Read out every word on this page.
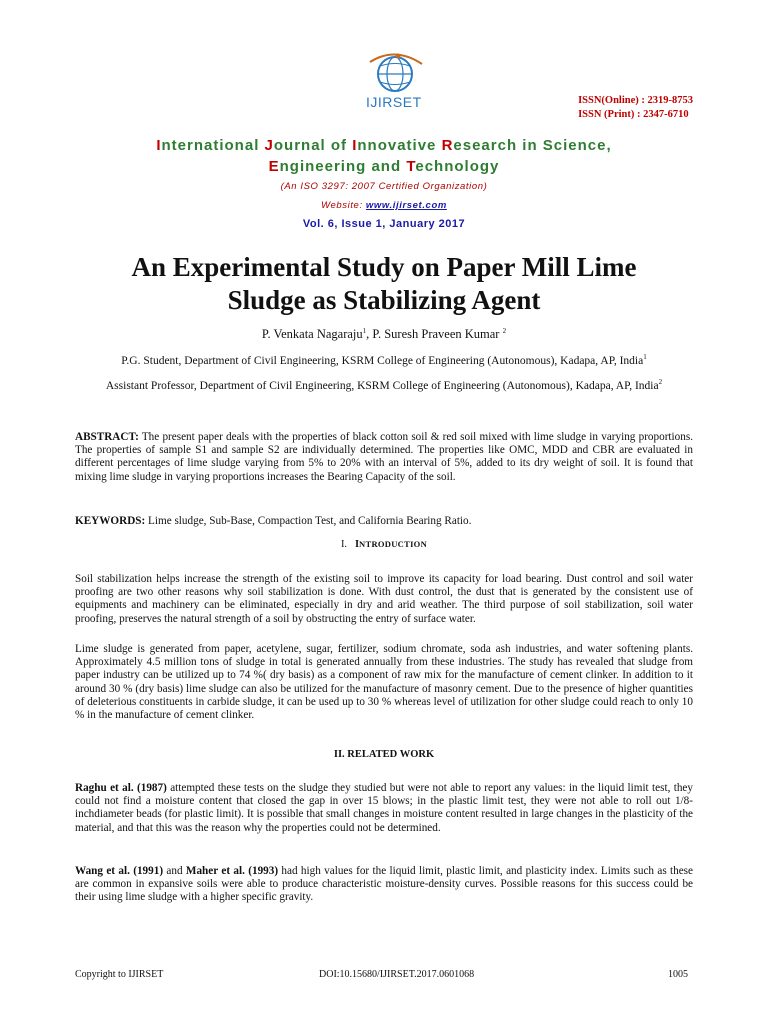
IJIRSET	ISSN(Online) : 2319-8753
ISSN (Print) : 2347-6710
International Journal of Innovative Research in Science,
Engineering and Technology
(An ISO 3297: 2007 Certified Organization)
Website: www.ijirset.com
Vol. 6, Issue 1, January 2017
An Experimental Study on Paper Mill Lime
Sludge as Stabilizing Agent
P. Venkata Nagaraju$^1$, P. Suresh Praveen Kumar $^2$
P.G. Student, Department of Civil Engineering, KSRM College of Engineering (Autonomous), Kadapa, AP, India$^1$
Assistant Professor, Department of Civil Engineering, KSRM College of Engineering (Autonomous), Kadapa, AP, India$^2$
ABSTRACT: The present paper deals with the properties of black cotton soil & red soil mixed with lime sludge in varying proportions. The properties of sample S1 and sample S2 are individually determined. The properties like OMC, MDD and CBR are evaluated in different percentages of lime sludge varying from 5% to 20% with an interval of 5%, added to its dry weight of soil. It is found that mixing lime sludge in varying proportions increases the Bearing Capacity of the soil.
KEYWORDS: Lime sludge, Sub-Base, Compaction Test, and California Bearing Ratio.
I.   INTRODUCTION
Soil stabilization helps increase the strength of the existing soil to improve its capacity for load bearing. Dust control and soil water proofing are two other reasons why soil stabilization is done. With dust control, the dust that is generated by the consistent use of equipments and machinery can be eliminated, especially in dry and arid weather. The third purpose of soil stabilization, soil water proofing, preserves the natural strength of a soil by obstructing the entry of surface water.
Lime sludge is generated from paper, acetylene, sugar, fertilizer, sodium chromate, soda ash industries, and water softening plants. Approximately 4.5 million tons of sludge in total is generated annually from these industries. The study has revealed that sludge from paper industry can be utilized up to 74 %( dry basis) as a component of raw mix for the manufacture of cement clinker. In addition to it around 30 % (dry basis) lime sludge can also be utilized for the manufacture of masonry cement. Due to the presence of higher quantities of deleterious constituents in carbide sludge, it can be used up to 30 % whereas level of utilization for other sludge could reach to only 10 % in the manufacture of cement clinker.
II. RELATED WORK
Raghu et al. (1987) attempted these tests on the sludge they studied but were not able to report any values: in the liquid limit test, they could not find a moisture content that closed the gap in over 15 blows; in the plastic limit test, they were not able to roll out 1/8-inchdiameter beads (for plastic limit). It is possible that small changes in moisture content resulted in large changes in the plasticity of the material, and that this was the reason why the properties could not be determined.
Wang et al. (1991) and Maher et al. (1993) had high values for the liquid limit, plastic limit, and plasticity index. Limits such as these are common in expansive soils were able to produce characteristic moisture-density curves. Possible reasons for this success could be their using lime sludge with a higher specific gravity.
Copyright to IJIRSET	DOI:10.15680/IJIRSET.2017.0601068	1005
